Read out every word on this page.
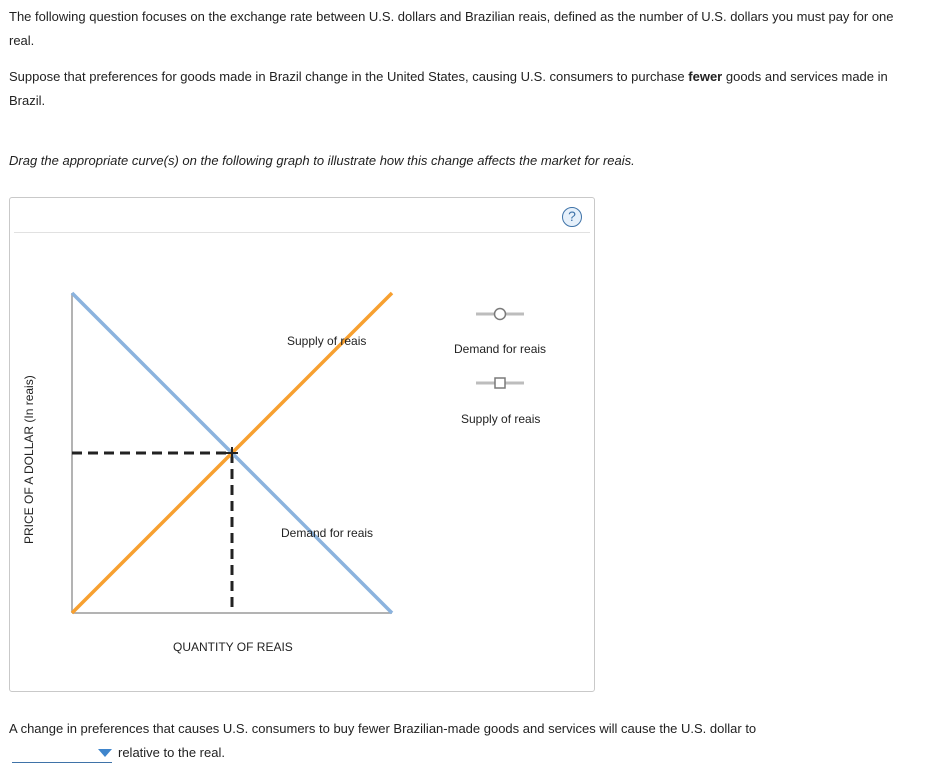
The following question focuses on the exchange rate between U.S. dollars and Brazilian reais, defined as the number of U.S. dollars you must pay for one real.

Suppose that preferences for goods made in Brazil change in the United States, causing U.S. consumers to purchase fewer goods and services made in Brazil.

Drag the appropriate curve(s) on the following graph to illustrate how this change affects the market for reais.

?
Supply of reais
Demand for reais
PRICE OF A DOLLAR (In reais)
QUANTITY OF REAIS
Demand for reais
Supply of reais

A change in preferences that causes U.S. consumers to buy fewer Brazilian-made goods and services will cause the U.S. dollar to

relative to the real.
